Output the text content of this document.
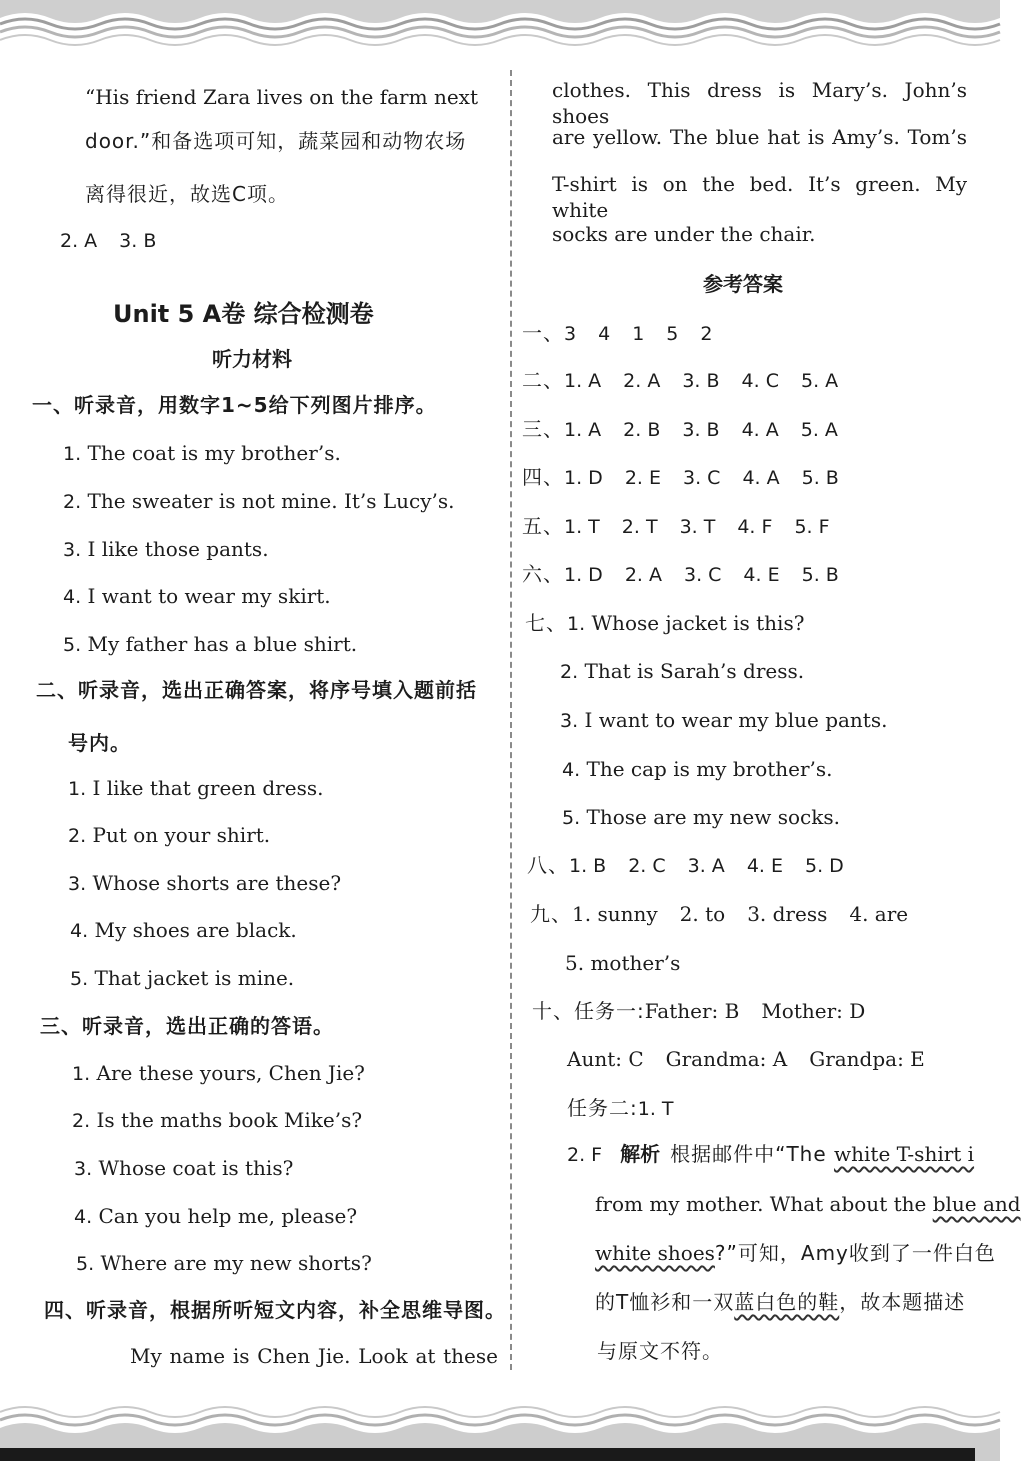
“His friend Zara lives on the farm next
door.”和备选项可知，蔬菜园和动物农场
离得很近，故选C项。
2. A 3. B
Unit 5 A卷 综合检测卷
听力材料
一、听录音，用数字1~5给下列图片排序。
1. The coat is my brother’s.
2. The sweater is not mine. It’s Lucy’s.
3. I like those pants.
4. I want to wear my skirt.
5. My father has a blue shirt.
二、听录音，选出正确答案，将序号填入题前括
号内。
1. I like that green dress.
2. Put on your shirt.
3. Whose shorts are these?
4. My shoes are black.
5. That jacket is mine.
三、听录音，选出正确的答语。
1. Are these yours, Chen Jie?
2. Is the maths book Mike’s?
3. Whose coat is this?
4. Can you help me, please?
5. Where are my new shorts?
四、听录音，根据所听短文内容，补全思维导图。
My name is Chen Jie. Look at these
clothes. This dress is Mary’s. John’s shoes
are yellow. The blue hat is Amy’s. Tom’s
T-shirt is on the bed. It’s green. My white
socks are under the chair.
参考答案
一、3 4 1 5 2
二、1. A 2. A 3. B 4. C 5. A
三、1. A 2. B 3. B 4. A 5. A
四、1. D 2. E 3. C 4. A 5. B
五、1. T 2. T 3. T 4. F 5. F
六、1. D 2. A 3. C 4. E 5. B
七、1. Whose jacket is this?
2. That is Sarah’s dress.
3. I want to wear my blue pants.
4. The cap is my brother’s.
5. Those are my new socks.
八、1. B 2. C 3. A 4. E 5. D
九、1. sunny 2. to 3. dress 4. are
5. mother’s
十、任务一:Father: B Mother: D
Aunt: C Grandma: A Grandpa: E
任务二:1. T
2. F 解析 根据邮件中“The white T-shirt i
from my mother. What about the blue and
white shoes?”可知，Amy收到了一件白色
的T恤衫和一双蓝白色的鞋，故本题描述
与原文不符。
